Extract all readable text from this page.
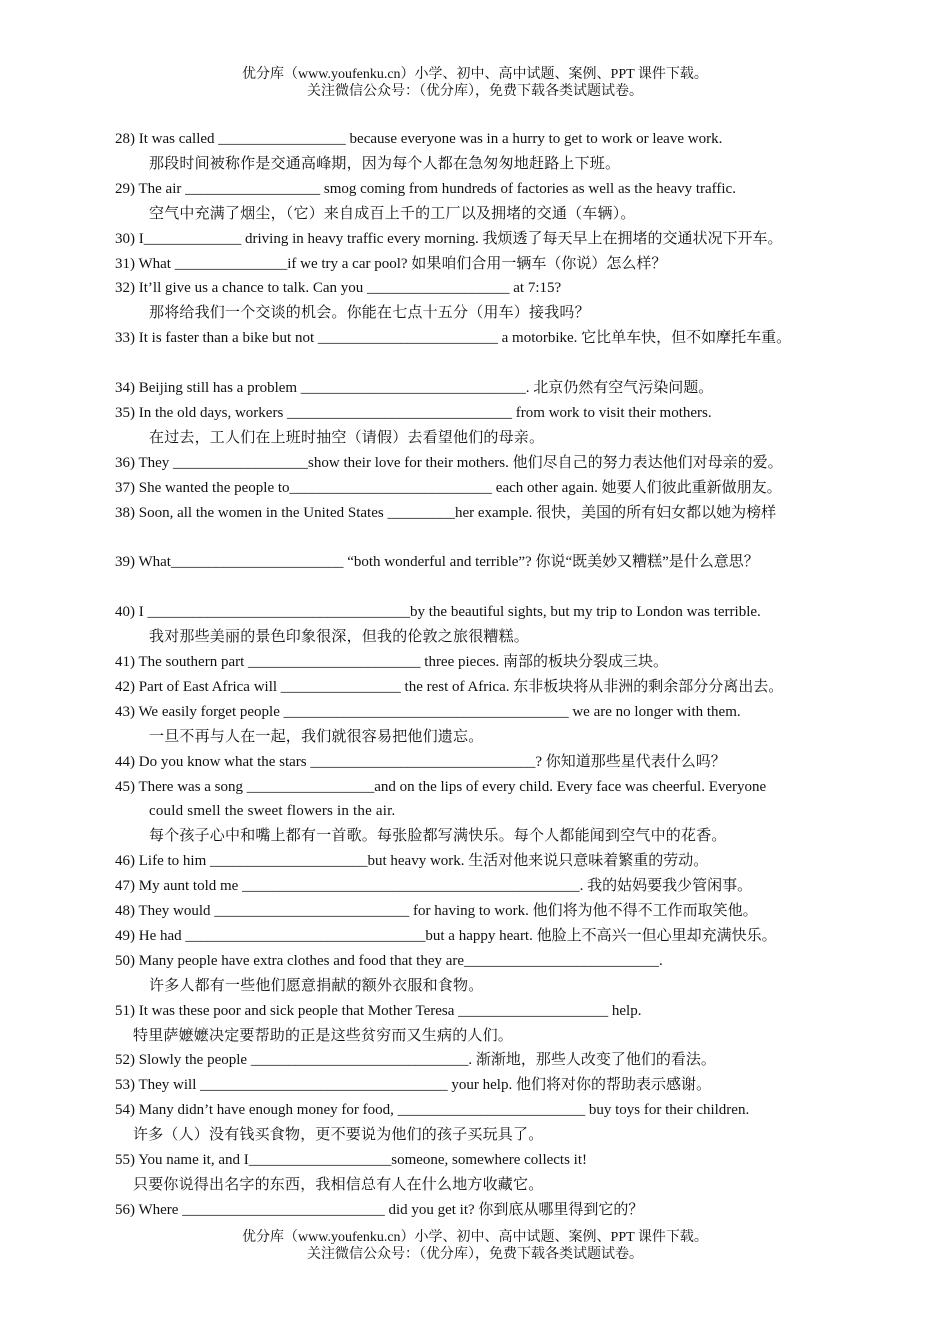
优分库（www.youfenku.cn）小学、初中、高中试题、案例、PPT 课件下载。
关注微信公众号：（优分库），免费下载各类试题试卷。
28) It was called _________________ because everyone was in a hurry to get to work or leave work.
那段时间被称作是交通高峰期，因为每个人都在急匆匆地赶路上下班。
29) The air __________________ smog coming from hundreds of factories as well as the heavy traffic.
空气中充满了烟尘，（它）来自成百上千的工厂以及拥堵的交通（车辆）。
30) I_____________ driving in heavy traffic every morning. 我烦透了每天早上在拥堵的交通状况下开车。
31) What _______________if we try a car pool? 如果咱们合用一辆车（你说）怎么样？
32) It’ll give us a chance to talk. Can you ___________________ at 7:15?
那将给我们一个交谈的机会。你能在七点十五分（用车）接我吗？
33) It is faster than a bike but not ________________________ a motorbike. 它比单车快，但不如摩托车重。
34) Beijing still has a problem ______________________________. 北京仍然有空气污染问题。
35) In the old days, workers ______________________________ from work to visit their mothers.
在过去，工人们在上班时抽空（请假）去看望他们的母亲。
36) They __________________show their love for their mothers. 他们尽自己的努力表达他们对母亲的爱。
37) She wanted the people to___________________________ each other again. 她要人们彼此重新做朋友。
38) Soon, all the women in the United States _________her example. 很快，美国的所有妇女都以她为榜样
39) What_______________________ “both wonderful and terrible”? 你说“既美妙又糟糕”是什么意思？
40) I ___________________________________by the beautiful sights, but my trip to London was terrible.
我对那些美丽的景色印象很深，但我的伦敦之旅很糟糕。
41) The southern part _______________________ three pieces. 南部的板块分裂成三块。
42) Part of East Africa will ________________ the rest of Africa. 东非板块将从非洲的剩余部分分离出去。
43) We easily forget people ______________________________________ we are no longer with them.
一旦不再与人在一起，我们就很容易把他们遗忘。
44) Do you know what the stars ______________________________? 你知道那些星代表什么吗？
45) There was a song _________________and on the lips of every child. Every face was cheerful. Everyone
could smell the sweet flowers in the air.
每个孩子心中和嘴上都有一首歌。每张脸都写满快乐。每个人都能闻到空气中的花香。
46) Life to him _____________________but heavy work. 生活对他来说只意味着繁重的劳动。
47) My aunt told me _____________________________________________. 我的姑妈要我少管闲事。
48) They would __________________________ for having to work. 他们将为他不得不工作而取笑他。
49) He had ________________________________but a happy heart. 他脸上不高兴一但心里却充满快乐。
50) Many people have extra clothes and food that they are__________________________.
许多人都有一些他们愿意捐献的额外衣服和食物。
51) It was these poor and sick people that Mother Teresa ____________________ help.
特里萨嬷嬷决定要帮助的正是这些贫穷而又生病的人们。
52) Slowly the people _____________________________. 渐渐地，那些人改变了他们的看法。
53) They will _________________________________ your help. 他们将对你的帮助表示感谢。
54) Many didn’t have enough money for food, _________________________ buy toys for their children.
许多（人）没有钱买食物，更不要说为他们的孩子买玩具了。
55) You name it, and I___________________someone, somewhere collects it!
只要你说得出名字的东西，我相信总有人在什么地方收藏它。
56) Where ___________________________ did you get it? 你到底从哪里得到它的？
优分库（www.youfenku.cn）小学、初中、高中试题、案例、PPT 课件下载。
关注微信公众号：（优分库），免费下载各类试题试卷。
